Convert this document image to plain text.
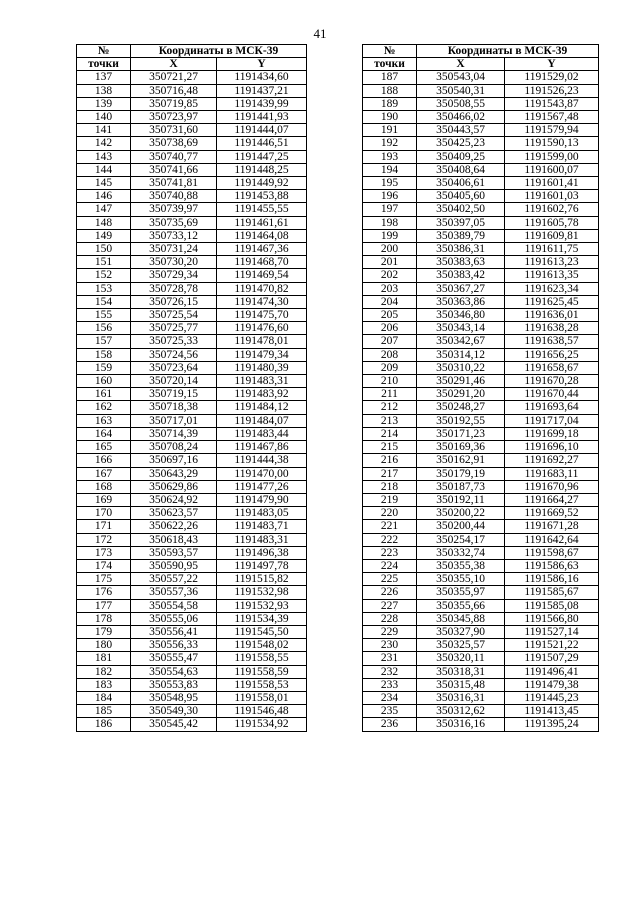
41
№	Координаты в МСК-39	
точки	X	Y
137	350721,27	1191434,60
138	350716,48	1191437,21
139	350719,85	1191439,99
140	350723,97	1191441,93
141	350731,60	1191444,07
142	350738,69	1191446,51
143	350740,77	1191447,25
144	350741,66	1191448,25
145	350741,81	1191449,92
146	350740,88	1191453,88
147	350739,97	1191455,55
148	350735,69	1191461,61
149	350733,12	1191464,08
150	350731,24	1191467,36
151	350730,20	1191468,70
152	350729,34	1191469,54
153	350728,78	1191470,82
154	350726,15	1191474,30
155	350725,54	1191475,70
156	350725,77	1191476,60
157	350725,33	1191478,01
158	350724,56	1191479,34
159	350723,64	1191480,39
160	350720,14	1191483,31
161	350719,15	1191483,92
162	350718,38	1191484,12
163	350717,01	1191484,07
164	350714,39	1191483,44
165	350708,24	1191467,86
166	350697,16	1191444,38
167	350643,29	1191470,00
168	350629,86	1191477,26
169	350624,92	1191479,90
170	350623,57	1191483,05
171	350622,26	1191483,71
172	350618,43	1191483,31
173	350593,57	1191496,38
174	350590,95	1191497,78
175	350557,22	1191515,82
176	350557,36	1191532,98
177	350554,58	1191532,93
178	350555,06	1191534,39
179	350556,41	1191545,50
180	350556,33	1191548,02
181	350555,47	1191558,55
182	350554,63	1191558,59
183	350553,83	1191558,53
184	350548,95	1191558,01
185	350549,30	1191546,48
186	350545,42	1191534,92
№	Координаты в МСК-39	
точки	X	Y
187	350543,04	1191529,02
188	350540,31	1191526,23
189	350508,55	1191543,87
190	350466,02	1191567,48
191	350443,57	1191579,94
192	350425,23	1191590,13
193	350409,25	1191599,00
194	350408,64	1191600,07
195	350406,61	1191601,41
196	350405,60	1191601,03
197	350402,50	1191602,76
198	350397,05	1191605,78
199	350389,79	1191609,81
200	350386,31	1191611,75
201	350383,63	1191613,23
202	350383,42	1191613,35
203	350367,27	1191623,34
204	350363,86	1191625,45
205	350346,80	1191636,01
206	350343,14	1191638,28
207	350342,67	1191638,57
208	350314,12	1191656,25
209	350310,22	1191658,67
210	350291,46	1191670,28
211	350291,20	1191670,44
212	350248,27	1191693,64
213	350192,55	1191717,04
214	350171,23	1191699,18
215	350169,36	1191696,10
216	350162,91	1191692,27
217	350179,19	1191683,11
218	350187,73	1191670,96
219	350192,11	1191664,27
220	350200,22	1191669,52
221	350200,44	1191671,28
222	350254,17	1191642,64
223	350332,74	1191598,67
224	350355,38	1191586,63
225	350355,10	1191586,16
226	350355,97	1191585,67
227	350355,66	1191585,08
228	350345,88	1191566,80
229	350327,90	1191527,14
230	350325,57	1191521,22
231	350320,11	1191507,29
232	350318,31	1191496,41
233	350315,48	1191479,38
234	350316,31	1191445,23
235	350312,62	1191413,45
236	350316,16	1191395,24
